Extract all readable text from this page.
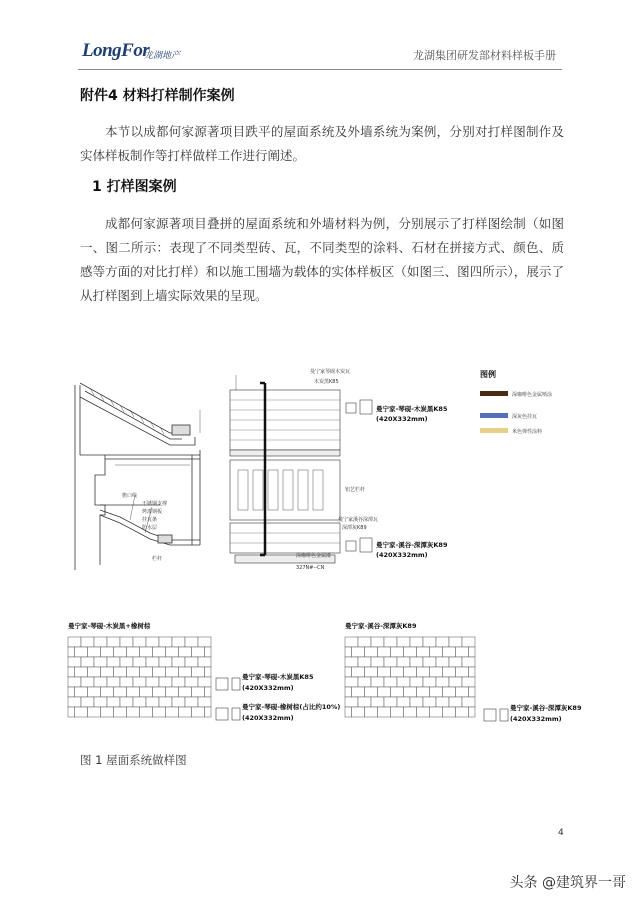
LongFor
龙湖地产	龙湖集团研发部材料样板手册
附件4 材料打样制作案例
本节以成都何家源著项目跌平的屋面系统及外墙系统为案例，分别对打样图制作及实体样板制作等打样做样工作进行阐述。
1 打样图案例
成都何家源著项目叠拼的屋面系统和外墙材料为例，分别展示了打样图绘制（如图一、图二所示：表现了不同类型砖、瓦，不同类型的涂料、石材在拼接方式、颜色、质感等方面的对比打样）和以施工围墙为载体的实体样板区（如图三、图四所示），展示了从打样图到上墙实际效果的呈现。
檐口线
不锈钢支撑
烤漆钢板
挂瓦条
防水层
栏杆
曼宁家琴砚木炭瓦
木炭黑K85
铝艺栏杆
曼宁家溪谷深潭瓦
深潭灰K89
深咖啡色金属漆
327N#--CN
曼宁家-琴砚-木炭黑K85
(420X332mm)
曼宁家-溪谷-深潭灰K89
(420X332mm)
图例
深咖啡色金属喷涂
深灰色挂瓦
米色弹性涂料
曼宁家-琴砚-木炭黑+橡树棕	曼宁家-溪谷-深潭灰K89
曼宁家-琴砚-木炭黑K85
(420X332mm)
曼宁家-琴砚-橡树棕(占比约10%)
(420X332mm)
曼宁家-溪谷-深潭灰K89
(420X332mm)
图 1 屋面系统做样图
4
头条 @建筑界一哥
